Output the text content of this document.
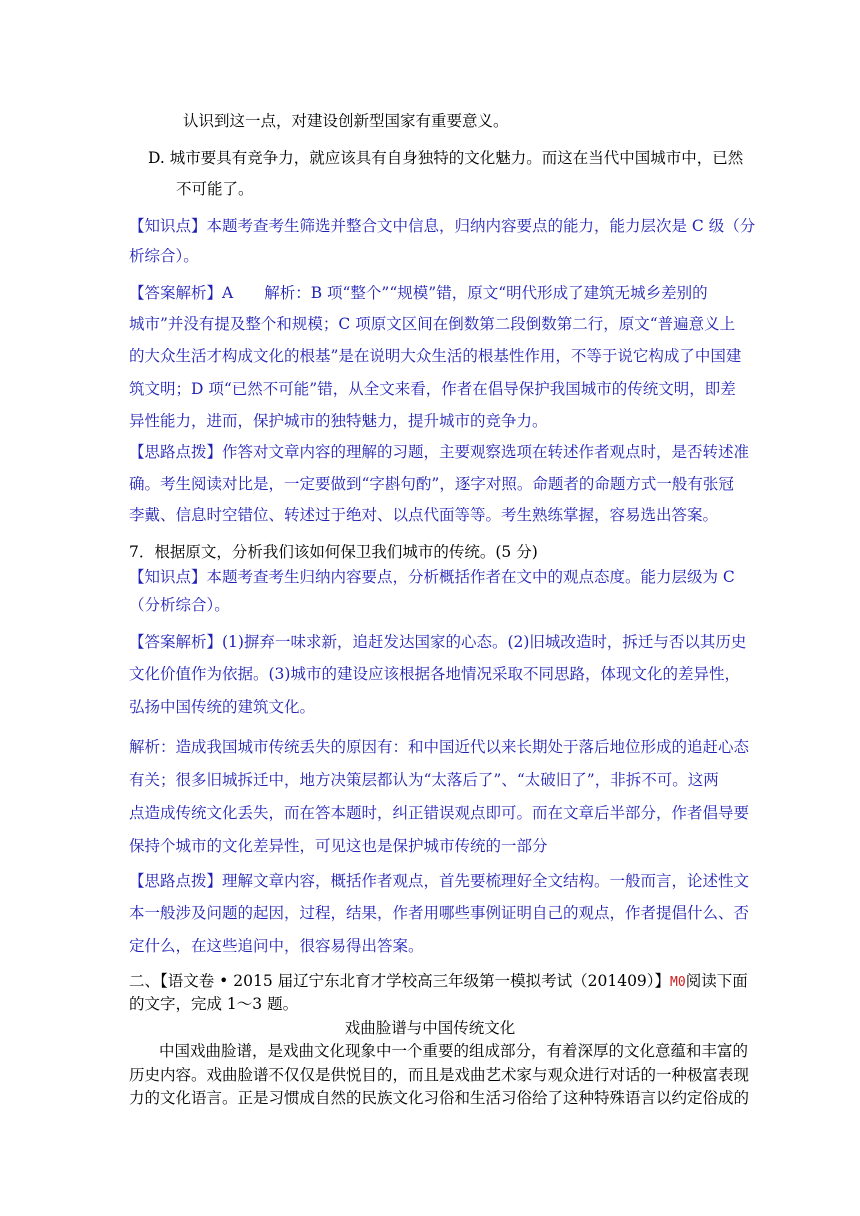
认识到这一点，对建设创新型国家有重要意义。
D. 城市要具有竞争力，就应该具有自身独特的文化魅力。而这在当代中国城市中，已然
不可能了。
【知识点】本题考查考生筛选并整合文中信息，归纳内容要点的能力，能力层次是 C 级（分
析综合）。
【答案解析】A　　解析：B 项“整个”“规模”错，原文“明代形成了建筑无城乡差别的
城市”并没有提及整个和规模；C 项原文区间在倒数第二段倒数第二行，原文“普遍意义上
的大众生活才构成文化的根基”是在说明大众生活的根基性作用，不等于说它构成了中国建
筑文明；D 项“已然不可能”错，从全文来看，作者在倡导保护我国城市的传统文明，即差
异性能力，进而，保护城市的独特魅力，提升城市的竞争力。
【思路点拨】作答对文章内容的理解的习题，主要观察选项在转述作者观点时，是否转述准
确。考生阅读对比是，一定要做到“字斟句酌”，逐字对照。命题者的命题方式一般有张冠
李戴、信息时空错位、转述过于绝对、以点代面等等。考生熟练掌握，容易选出答案。
7．根据原文，分析我们该如何保卫我们城市的传统。(5 分)
【知识点】本题考查考生归纳内容要点，分析概括作者在文中的观点态度。能力层级为 C
（分析综合）。
【答案解析】(1)摒弃一味求新，追赶发达国家的心态。(2)旧城改造时，拆迁与否以其历史
文化价值作为依据。(3)城市的建设应该根据各地情况采取不同思路，体现文化的差异性，
弘扬中国传统的建筑文化。
解析：造成我国城市传统丢失的原因有：和中国近代以来长期处于落后地位形成的追赶心态
有关；很多旧城拆迁中，地方决策层都认为“太落后了”、“太破旧了”，非拆不可。这两
点造成传统文化丢失，而在答本题时，纠正错误观点即可。而在文章后半部分，作者倡导要
保持个城市的文化差异性，可见这也是保护城市传统的一部分
【思路点拨】理解文章内容，概括作者观点，首先要梳理好全文结构。一般而言，论述性文
本一般涉及问题的起因，过程，结果，作者用哪些事例证明自己的观点，作者提倡什么、否
定什么，在这些追问中，很容易得出答案。
二、【语文卷 • 2015 届辽宁东北育才学校高三年级第一模拟考试（201409）】M0阅读下面
的文字，完成 1～3 题。
戏曲脸谱与中国传统文化
中国戏曲脸谱，是戏曲文化现象中一个重要的组成部分，有着深厚的文化意蕴和丰富的
历史内容。戏曲脸谱不仅仅是供悦目的，而且是戏曲艺术家与观众进行对话的一种极富表现
力的文化语言。正是习惯成自然的民族文化习俗和生活习俗给了这种特殊语言以约定俗成的
